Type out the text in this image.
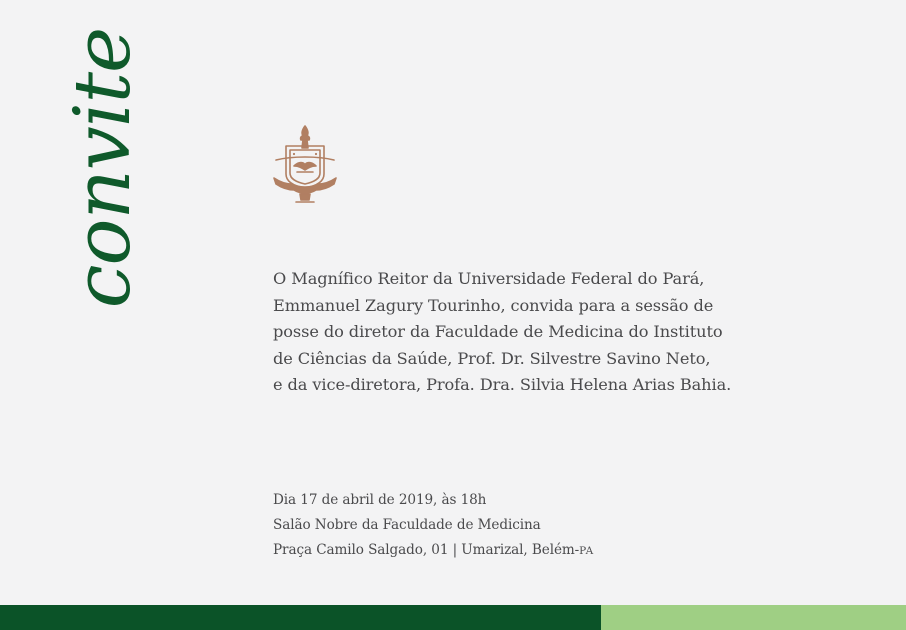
convite	O Magnífico Reitor da Universidade Federal do Pará,
Emmanuel Zagury Tourinho, convida para a sessão de
posse do diretor da Faculdade de Medicina do Instituto
de Ciências da Saúde, Prof. Dr. Silvestre Savino Neto,
e da vice-diretora, Profa. Dra. Silvia Helena Arias Bahia.
Dia 17 de abril de 2019, às 18h
Salão Nobre da Faculdade de Medicina
Praça Camilo Salgado, 01 | Umarizal, Belém-PA
